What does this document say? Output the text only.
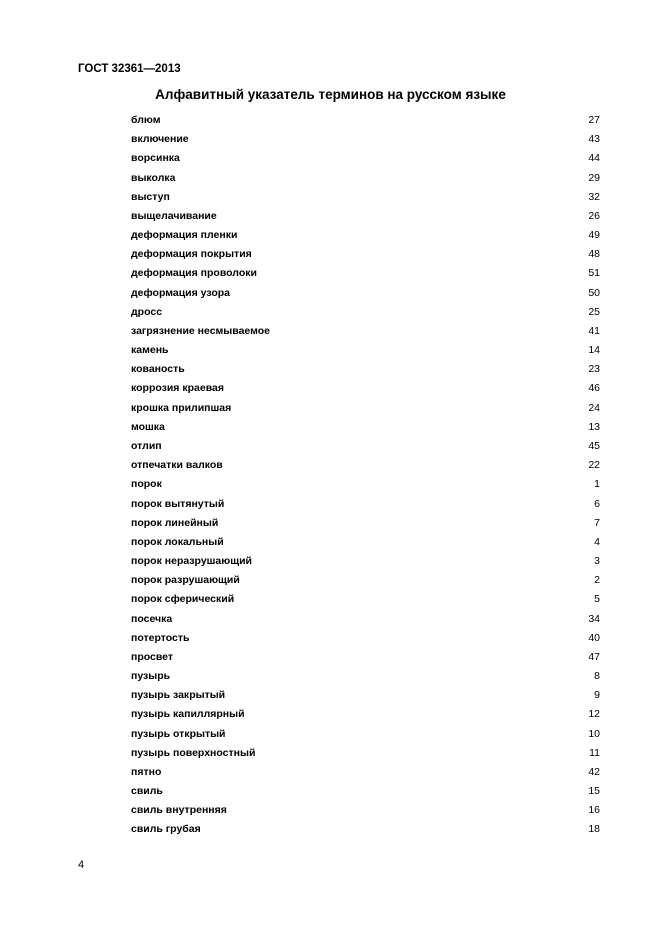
ГОСТ 32361—2013
Алфавитный указатель терминов на русском языке
блюм	27
включение	43
ворсинка	44
выколка	29
выступ	32
выщелачивание	26
деформация пленки	49
деформация покрытия	48
деформация проволоки	51
деформация узора	50
дросс	25
загрязнение несмываемое	41
камень	14
кованость	23
коррозия краевая	46
крошка прилипшая	24
мошка	13
отлип	45
отпечатки валков	22
порок	1
порок вытянутый	6
порок линейный	7
порок локальный	4
порок неразрушающий	3
порок разрушающий	2
порок сферический	5
посечка	34
потертость	40
просвет	47
пузырь	8
пузырь закрытый	9
пузырь капиллярный	12
пузырь открытый	10
пузырь поверхностный	11
пятно	42
свиль	15
свиль внутренняя	16
свиль грубая	18
4
